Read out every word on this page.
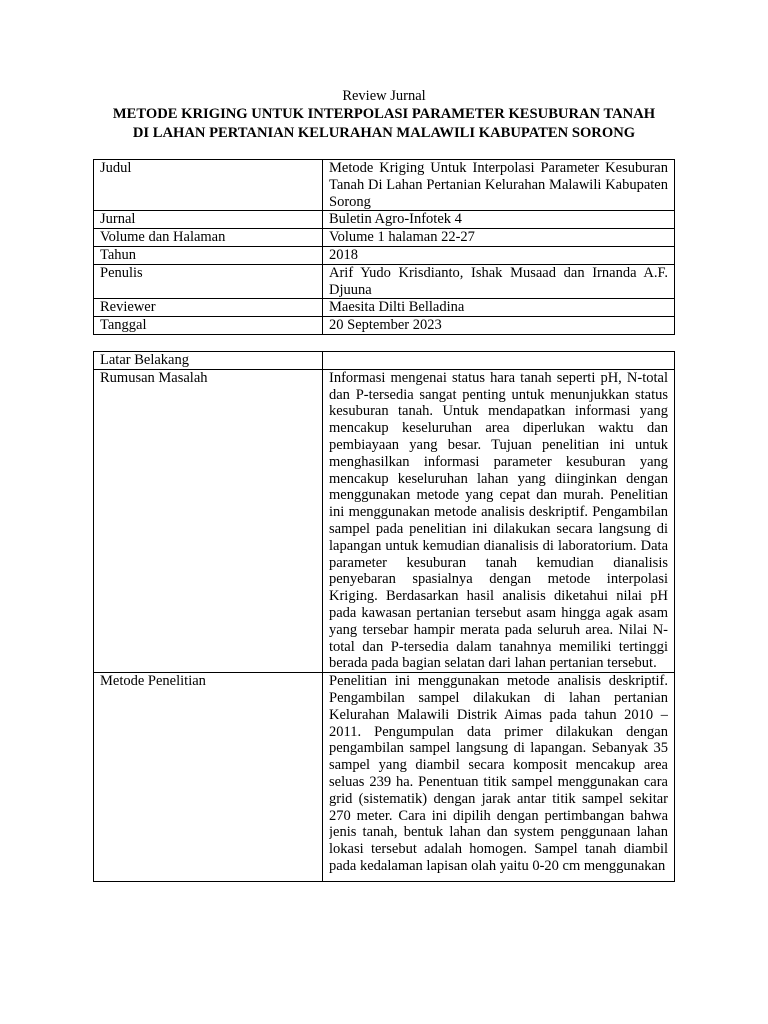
Review Jurnal
METODE KRIGING UNTUK INTERPOLASI PARAMETER KESUBURAN TANAH
DI LAHAN PERTANIAN KELURAHAN MALAWILI KABUPATEN SORONG
Judul	Metode Kriging Untuk Interpolasi Parameter Kesuburan Tanah Di Lahan Pertanian Kelurahan Malawili Kabupaten Sorong
Jurnal	Buletin Agro-Infotek 4
Volume dan Halaman	Volume 1 halaman 22-27
Tahun	2018
Penulis	Arif Yudo Krisdianto, Ishak Musaad dan Irnanda A.F. Djuuna
Reviewer	Maesita Dilti Belladina
Tanggal	20 September 2023
Latar Belakang	
Rumusan Masalah	Informasi mengenai status hara tanah seperti pH, N-total dan P-tersedia sangat penting untuk menunjukkan status kesuburan tanah. Untuk mendapatkan informasi yang mencakup keseluruhan area diperlukan waktu dan pembiayaan yang besar. Tujuan penelitian ini untuk menghasilkan informasi parameter kesuburan yang mencakup keseluruhan lahan yang diinginkan dengan menggunakan metode yang cepat dan murah. Penelitian ini menggunakan metode analisis deskriptif. Pengambilan sampel pada penelitian ini dilakukan secara langsung di lapangan untuk kemudian dianalisis di laboratorium. Data parameter kesuburan tanah kemudian dianalisis penyebaran spasialnya dengan metode interpolasi Kriging. Berdasarkan hasil analisis diketahui nilai pH pada kawasan pertanian tersebut asam hingga agak asam yang tersebar hampir merata pada seluruh area. Nilai N-total dan P-tersedia dalam tanahnya memiliki tertinggi berada pada bagian selatan dari lahan pertanian tersebut.
Metode Penelitian	Penelitian ini menggunakan metode analisis deskriptif. Pengambilan sampel dilakukan di lahan pertanian Kelurahan Malawili Distrik Aimas pada tahun 2010 – 2011. Pengumpulan data primer dilakukan dengan pengambilan sampel langsung di lapangan. Sebanyak 35 sampel yang diambil secara komposit mencakup area seluas 239 ha. Penentuan titik sampel menggunakan cara grid (sistematik) dengan jarak antar titik sampel sekitar 270 meter. Cara ini dipilih dengan pertimbangan bahwa jenis tanah, bentuk lahan dan system penggunaan lahan lokasi tersebut adalah homogen. Sampel tanah diambil pada kedalaman lapisan olah yaitu 0-20 cm menggunakan
